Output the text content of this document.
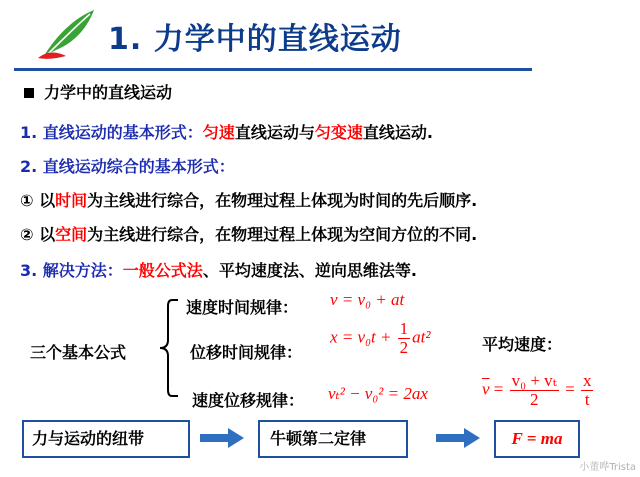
1. 力学中的直线运动
力学中的直线运动
1. 直线运动的基本形式：匀速直线运动与匀变速直线运动.
2. 直线运动综合的基本形式：
① 以时间为主线进行综合，在物理过程上体现为时间的先后顺序.
② 以空间为主线进行综合，在物理过程上体现为空间方位的不同.
3. 解决方法：一般公式法、平均速度法、逆向思维法等.
三个基本公式
速度时间规律： v = v₀ + at
位移时间规律：
$x = v_0t + \frac{1}{2} at^2$
速度位移规律： vₜ² − v₀² = 2ax
平均速度：
$\overline{v} = \frac{\text{v₀ + vₜ}}{2} = \frac{x}{t}$
力与运动的纽带	牛顿第二定律	F = ma
小董哗Trista
